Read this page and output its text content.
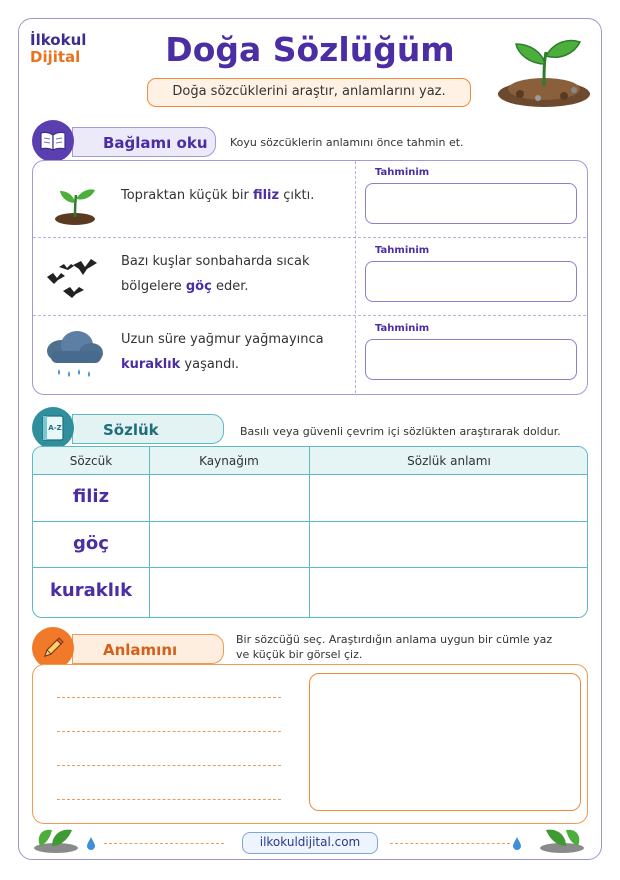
İlkokul
Dijital	Doğa Sözlüğüm
Doğa sözcüklerini araştır, anlamlarını yaz.
Bağlamı oku	Koyu sözcüklerin anlamını önce tahmin et.
Topraktan küçük bir filiz çıktı.
Tahminim
Bazı kuşlar sonbaharda sıcak bölgelere göç eder.
Tahminim
Uzun süre yağmur yağmayınca kuraklık yaşandı.
Tahminim
Sözlük
A-Z	Basılı veya güvenli çevrim içi sözlükten araştırarak doldur.
Sözcük	Kaynağım	Sözlük anlamı
filiz
göç
kuraklık
Anlamını
Bir sözcüğü seç. Araştırdığın anlama uygun bir cümle yaz
ve küçük bir görsel çiz.
ilkokuldijital.com
